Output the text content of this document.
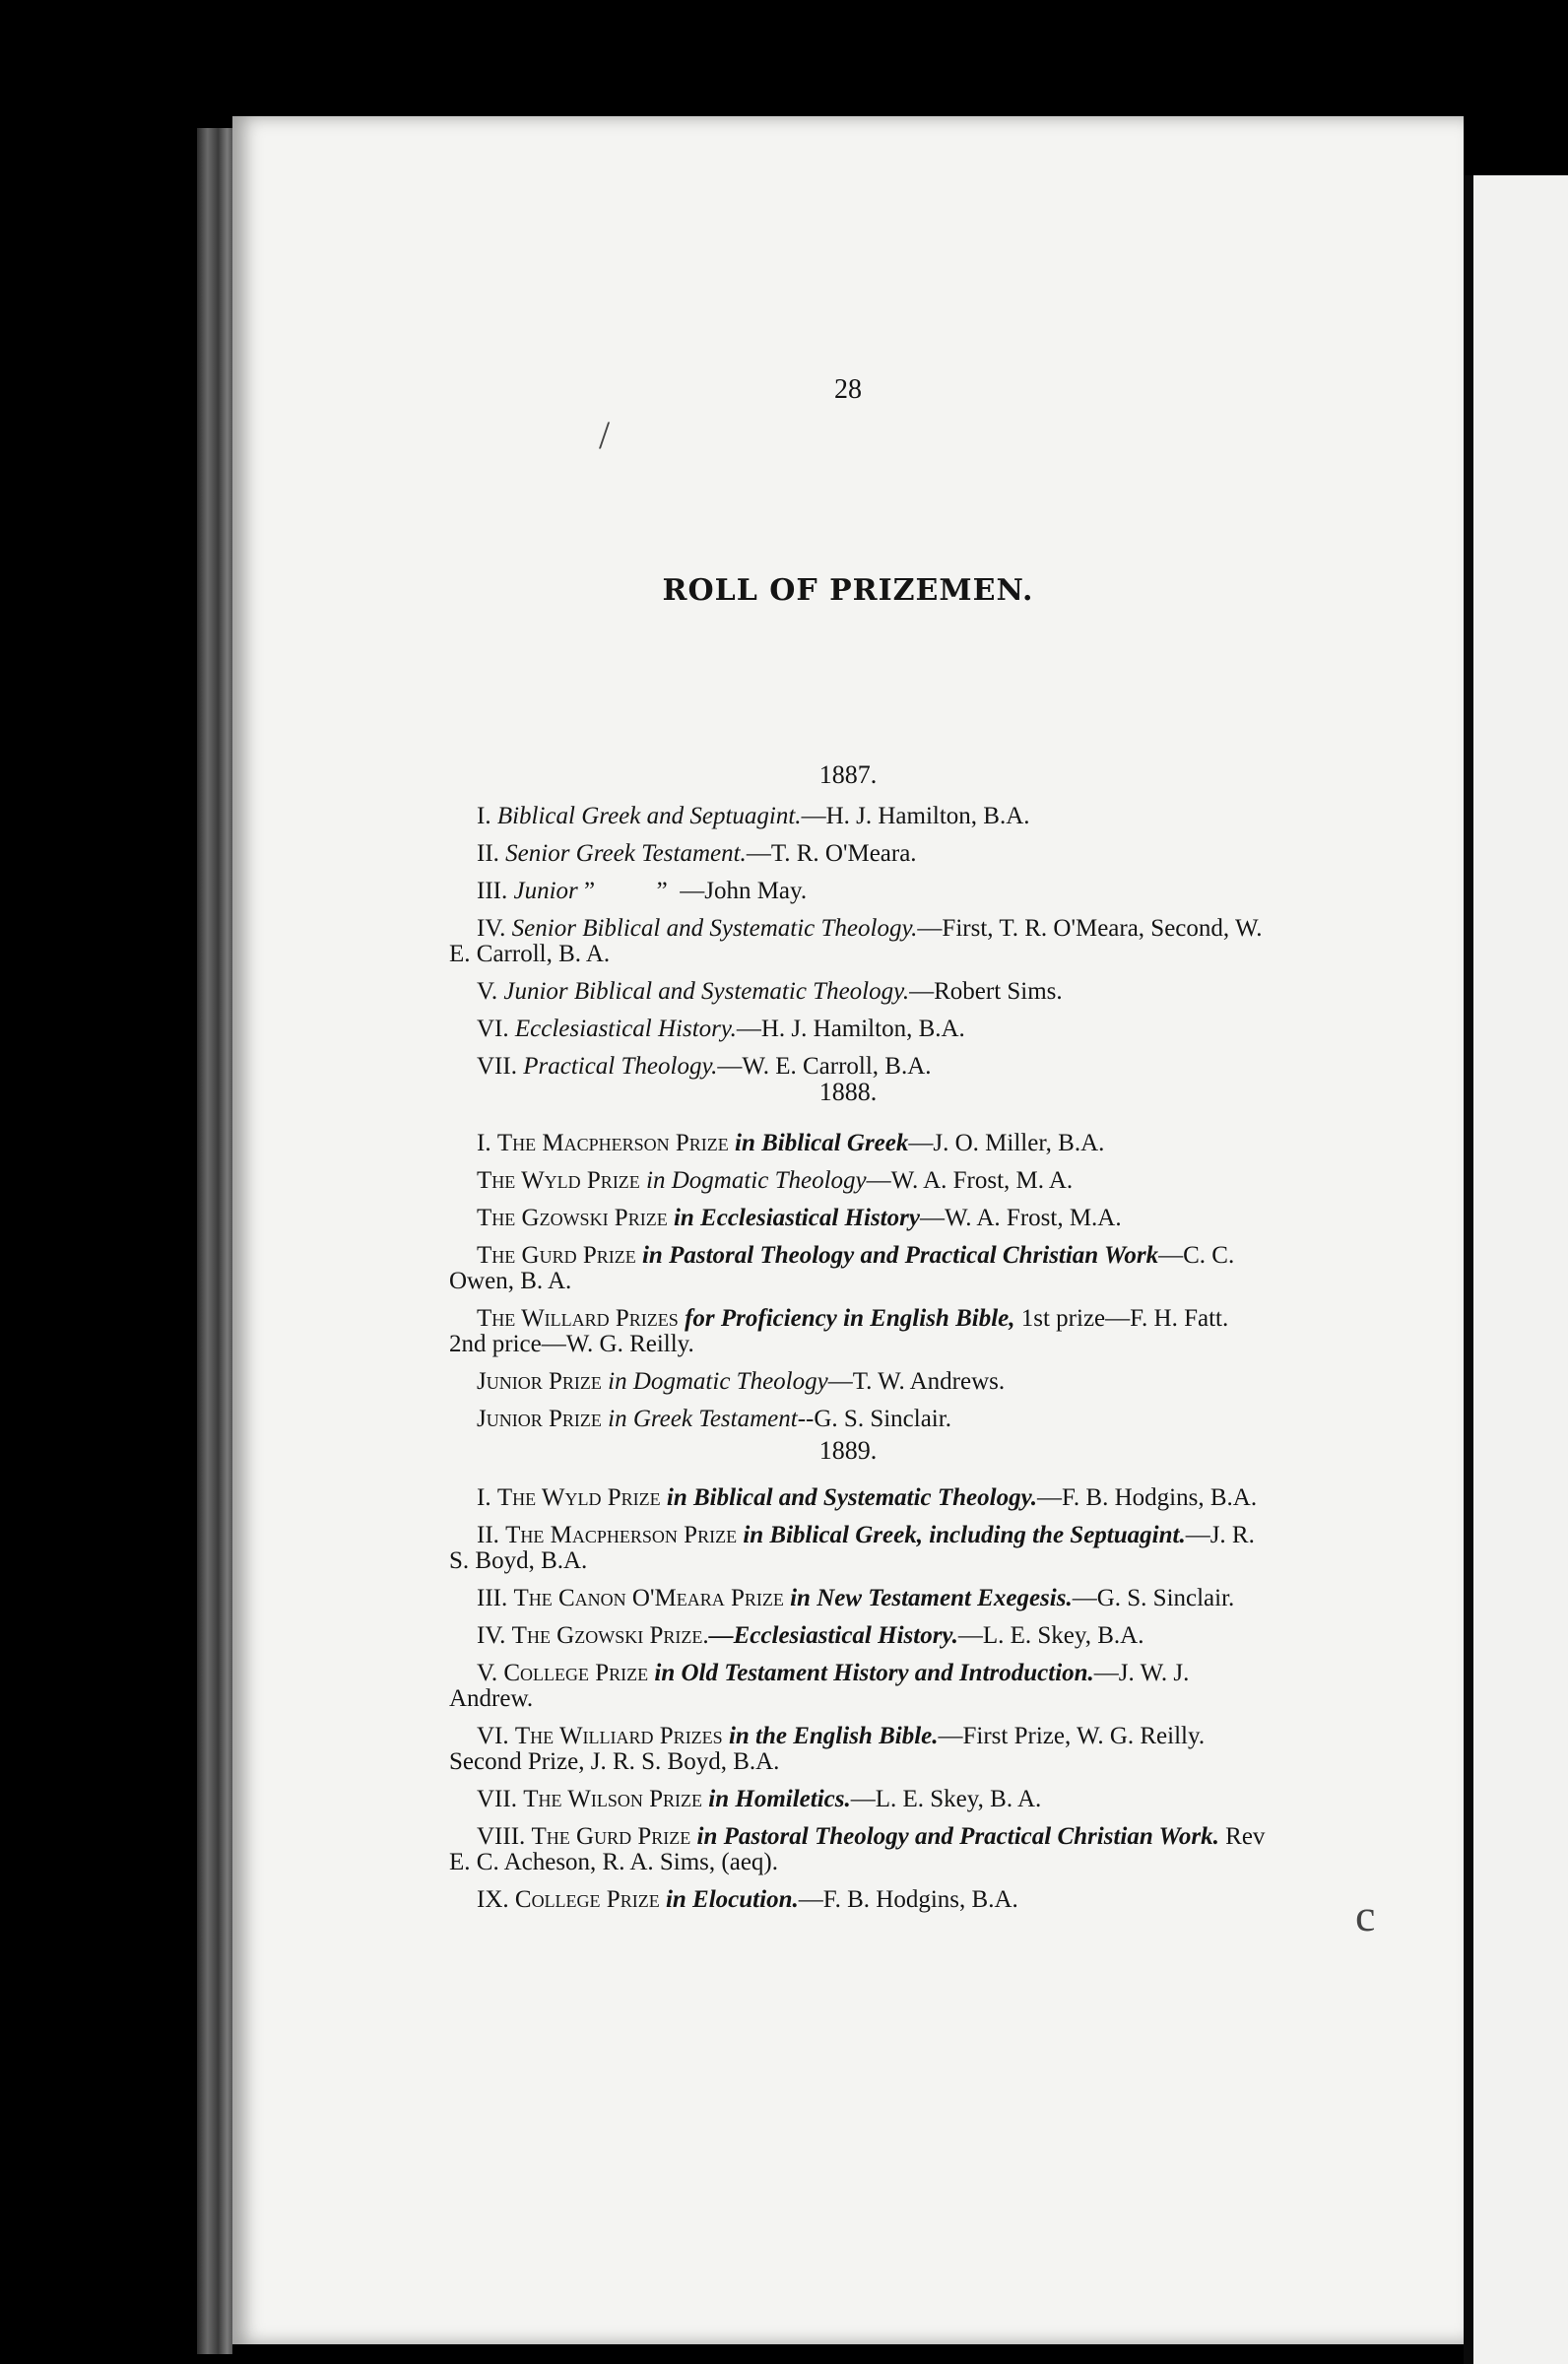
28
/
ROLL OF PRIZEMEN.
1887.
I. Biblical Greek and Septuagint.—H. J. Hamilton, B.A.
II. Senior Greek Testament.—T. R. O'Meara.
III. Junior ”          ”  —John May.
IV. Senior Biblical and Systematic Theology.—First, T. R. O'Meara, Second, W. E. Carroll, B. A.
V. Junior Biblical and Systematic Theology.—Robert Sims.
VI. Ecclesiastical History.—H. J. Hamilton, B.A.
VII. Practical Theology.—W. E. Carroll, B.A.
1888.
I. The Macpherson Prize in Biblical Greek—J. O. Miller, B.A.
The Wyld Prize in Dogmatic Theology—W. A. Frost, M. A.
The Gzowski Prize in Ecclesiastical History—W. A. Frost, M.A.
The Gurd Prize in Pastoral Theology and Practical Christian Work—C. C. Owen, B. A.
The Willard Prizes for Proficiency in English Bible, 1st prize—F. H. Fatt. 2nd price—W. G. Reilly.
Junior Prize in Dogmatic Theology—T. W. Andrews.
Junior Prize in Greek Testament--G. S. Sinclair.
1889.
I. The Wyld Prize in Biblical and Systematic Theology.—F. B. Hodgins, B.A.
II. The Macpherson Prize in Biblical Greek, including the Septuagint.—J. R. S. Boyd, B.A.
III. The Canon O'Meara Prize in New Testament Exegesis.—G. S. Sinclair.
IV. The Gzowski Prize.—Ecclesiastical History.—L. E. Skey, B.A.
V. College Prize in Old Testament History and Introduction.—J. W. J. Andrew.
VI. The Williard Prizes in the English Bible.—First Prize, W. G. Reilly. Second Prize, J. R. S. Boyd, B.A.
VII. The Wilson Prize in Homiletics.—L. E. Skey, B. A.
VIII. The Gurd Prize in Pastoral Theology and Practical Christian Work. Rev E. C. Acheson, R. A. Sims, (aeq).
IX. College Prize in Elocution.—F. B. Hodgins, B.A.	c
